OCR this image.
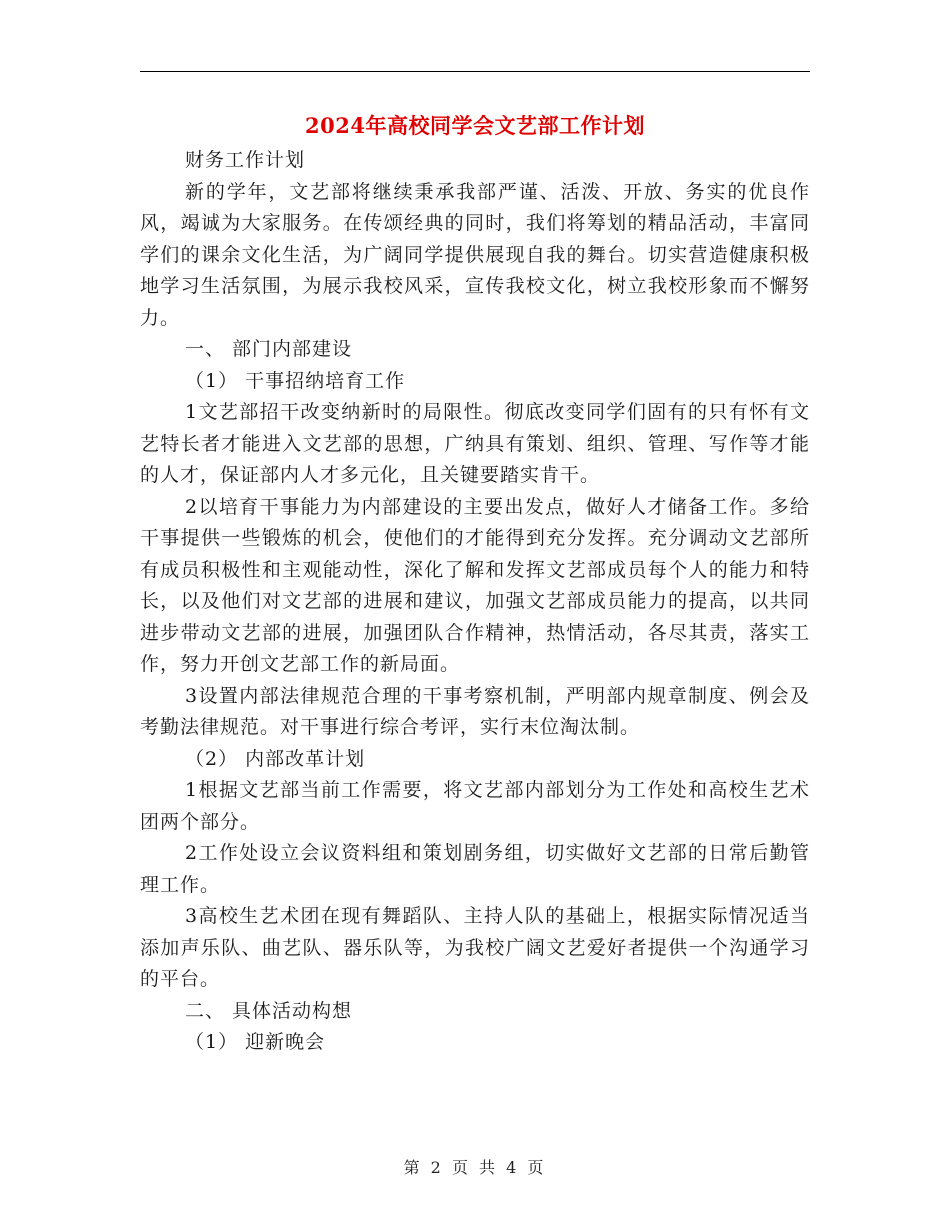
2024年高校同学会文艺部工作计划

财务工作计划

新的学年，文艺部将继续秉承我部严谨、活泼、开放、务实的优良作风，竭诚为大家服务。在传颂经典的同时，我们将筹划的精品活动，丰富同学们的课余文化生活，为广阔同学提供展现自我的舞台。切实营造健康积极地学习生活氛围，为展示我校风采，宣传我校文化，树立我校形象而不懈努力。

一、 部门内部建设

（1） 干事招纳培育工作

1文艺部招干改变纳新时的局限性。彻底改变同学们固有的只有怀有文艺特长者才能进入文艺部的思想，广纳具有策划、组织、管理、写作等才能的人才，保证部内人才多元化，且关键要踏实肯干。

2以培育干事能力为内部建设的主要出发点，做好人才储备工作。多给干事提供一些锻炼的机会，使他们的才能得到充分发挥。充分调动文艺部所有成员积极性和主观能动性，深化了解和发挥文艺部成员每个人的能力和特长，以及他们对文艺部的进展和建议，加强文艺部成员能力的提高，以共同进步带动文艺部的进展，加强团队合作精神，热情活动，各尽其责，落实工作，努力开创文艺部工作的新局面。

3设置内部法律规范合理的干事考察机制，严明部内规章制度、例会及考勤法律规范。对干事进行综合考评，实行末位淘汰制。

（2） 内部改革计划

1根据文艺部当前工作需要，将文艺部内部划分为工作处和高校生艺术团两个部分。

2工作处设立会议资料组和策划剧务组，切实做好文艺部的日常后勤管理工作。

3高校生艺术团在现有舞蹈队、主持人队的基础上，根据实际情况适当添加声乐队、曲艺队、器乐队等，为我校广阔文艺爱好者提供一个沟通学习的平台。

二、 具体活动构想

（1） 迎新晚会

第 2 页 共 4 页
